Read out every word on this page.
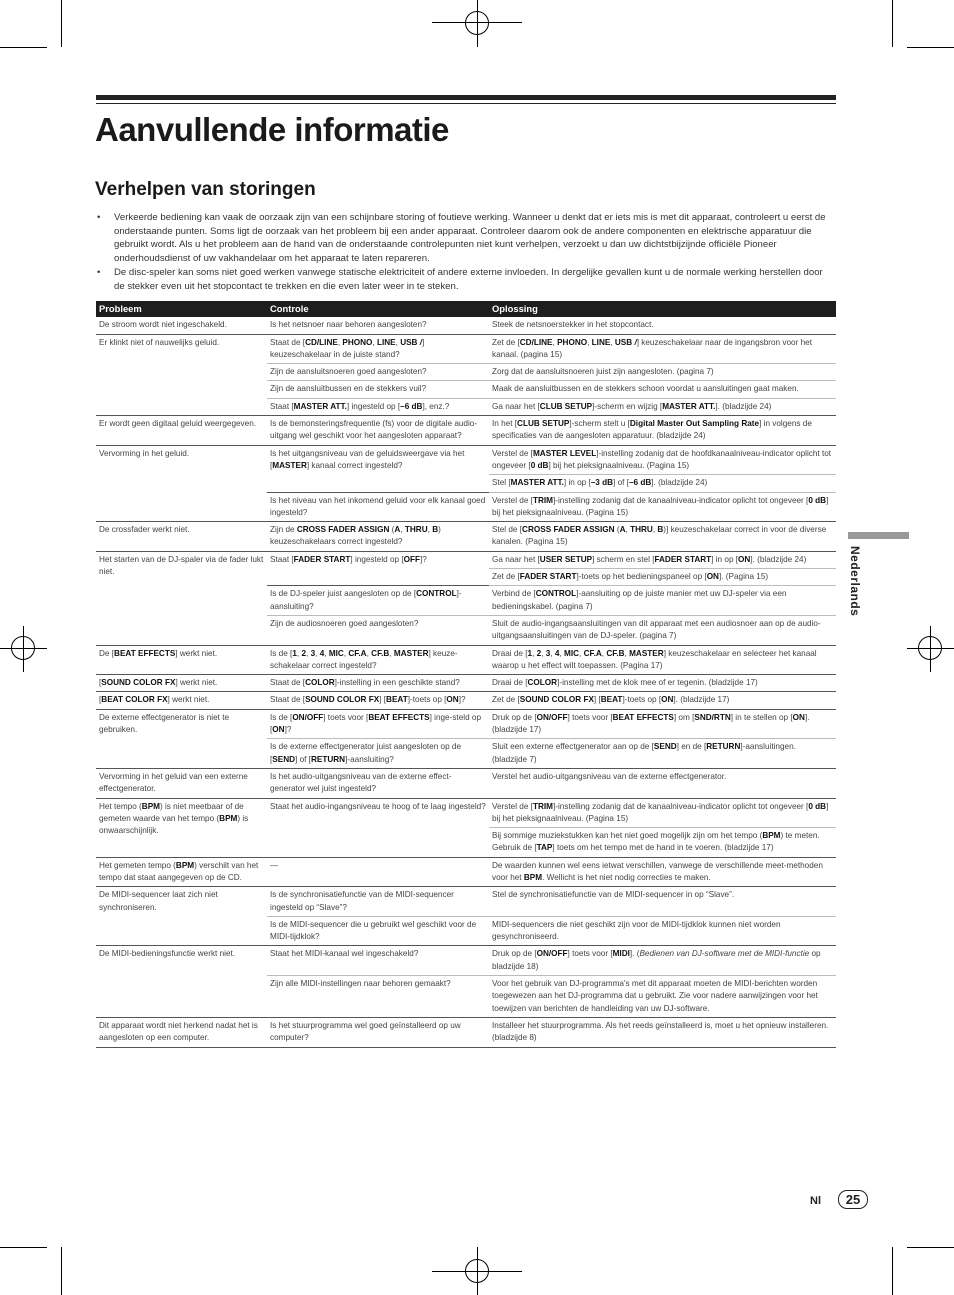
Aanvullende informatie
Verhelpen van storingen
• Verkeerde bediening kan vaak de oorzaak zijn van een schijnbare storing of foutieve werking. Wanneer u denkt dat er iets mis is met dit apparaat, controleert u eerst de onderstaande punten. Soms ligt de oorzaak van het probleem bij een ander apparaat. Controleer daarom ook de andere componenten en elektrische apparatuur die gebruikt wordt. Als u het probleem aan de hand van de onderstaande controlepunten niet kunt verhelpen, verzoekt u dan uw dichtstbijzijnde officiële Pioneer onderhoudsdienst of uw vakhandelaar om het apparaat te laten repareren.
• De disc-speler kan soms niet goed werken vanwege statische elektriciteit of andere externe invloeden. In dergelijke gevallen kunt u de normale werking herstellen door de stekker even uit het stopcontact te trekken en die even later weer in te steken.
Probleem	Controle	Oplossing
De stroom wordt niet ingeschakeld.	Is het netsnoer naar behoren aangesloten?	Steek de netsnoerstekker in het stopcontact.
Er klinkt niet of nauwelijks geluid.	Staat de [CD/LINE, PHONO, LINE, USB /] keuzeschakelaar in de juiste stand?	Zet de [CD/LINE, PHONO, LINE, USB /] keuzeschakelaar naar de ingangsbron voor het kanaal. (pagina 15)
	Zijn de aansluitsnoeren goed aangesloten?	Zorg dat de aansluitsnoeren juist zijn aangesloten. (pagina 7)
	Zijn de aansluitbussen en de stekkers vuil?	Maak de aansluitbussen en de stekkers schoon voordat u aansluitingen gaat maken.
	Staat [MASTER ATT.] ingesteld op [–6 dB], enz.?	Ga naar het [CLUB SETUP]-scherm en wijzig [MASTER ATT.]. (bladzijde 24)
Er wordt geen digitaal geluid weergegeven.	Is de bemonsteringsfrequentie (fs) voor de digitale audio-uitgang wel geschikt voor het aangesloten apparaat?	In het [CLUB SETUP]-scherm stelt u [Digital Master Out Sampling Rate] in volgens de specificaties van de aangesloten apparatuur. (bladzijde 24)
Vervorming in het geluid.	Is het uitgangsniveau van de geluidsweergave via het [MASTER] kanaal correct ingesteld?	Verstel de [MASTER LEVEL]-instelling zodanig dat de hoofdkanaalniveau-indicator oplicht tot ongeveer [0 dB] bij het pieksignaalniveau. (Pagina 15)
		Stel [MASTER ATT.] in op [–3 dB] of [–6 dB]. (bladzijde 24)
	Is het niveau van het inkomend geluid voor elk kanaal goed ingesteld?	Verstel de [TRIM]-instelling zodanig dat de kanaalniveau-indicator oplicht tot ongeveer [0 dB] bij het pieksignaalniveau. (Pagina 15)
De crossfader werkt niet.	Zijn de CROSS FADER ASSIGN (A, THRU, B) keuzeschakelaars correct ingesteld?	Stel de [CROSS FADER ASSIGN (A, THRU, B)] keuzeschakelaar correct in voor de diverse kanalen. (Pagina 15)
Het starten van de DJ-spaler via de fader lukt niet.	Staat [FADER START] ingesteld op [OFF]?	Ga naar het [USER SETUP] scherm en stel [FADER START] in op [ON]. (bladzijde 24)
		Zet de [FADER START]-toets op het bedieningspaneel op [ON]. (Pagina 15)
	Is de DJ-speler juist aangesloten op de [CONTROL]-aansluiting?	Verbind de [CONTROL]-aansluiting op de juiste manier met uw DJ-speler via een bedieningskabel. (pagina 7)
	Zijn de audiosnoeren goed aangesloten?	Sluit de audio-ingangsaansluitingen van dit apparaat met een audiosnoer aan op de audio-uitgangsaansluitingen van de DJ-speler. (pagina 7)
De [BEAT EFFECTS] werkt niet.	Is de [1, 2, 3, 4, MIC, CF.A, CF.B, MASTER] keuze-schakelaar correct ingesteld?	Draai de [1, 2, 3, 4, MIC, CF.A, CF.B, MASTER] keuzeschakelaar en selecteer het kanaal waarop u het effect wilt toepassen. (Pagina 17)
[SOUND COLOR FX] werkt niet.	Staat de [COLOR]-instelling in een geschikte stand?	Draai de [COLOR]-instelling met de klok mee of er tegenin. (bladzijde 17)
[BEAT COLOR FX] werkt niet.	Staat de [SOUND COLOR FX] [BEAT]-toets op [ON]?	Zet de [SOUND COLOR FX] [BEAT]-toets op [ON]. (bladzijde 17)
De externe effectgenerator is niet te gebruiken.	Is de [ON/OFF] toets voor [BEAT EFFECTS] inge-steld op [ON]?	Druk op de [ON/OFF] toets voor [BEAT EFFECTS] om [SND/RTN] in te stellen op [ON]. (bladzijde 17)
	Is de externe effectgenerator juist aangesloten op de [SEND] of [RETURN]-aansluiting?	Sluit een externe effectgenerator aan op de [SEND] en de [RETURN]-aansluitingen. (bladzijde 7)
Vervorming in het geluid van een externe effectgenerator.	Is het audio-uitgangsniveau van de externe effect-generator wel juist ingesteld?	Verstel het audio-uitgangsniveau van de externe effectgenerator.
Het tempo (BPM) is niet meetbaar of de gemeten waarde van het tempo (BPM) is onwaarschijnlijk.	Staat het audio-ingangsniveau te hoog of te laag ingesteld?	Verstel de [TRIM]-instelling zodanig dat de kanaalniveau-indicator oplicht tot ongeveer [0 dB] bij het pieksignaalniveau. (Pagina 15)
		Bij sommige muziekstukken kan het niet goed mogelijk zijn om het tempo (BPM) te meten. Gebruik de [TAP] toets om het tempo met de hand in te voeren. (bladzijde 17)
Het gemeten tempo (BPM) verschilt van het tempo dat staat aangegeven op de CD.	—	De waarden kunnen wel eens ietwat verschillen, vanwege de verschillende meet-methoden voor het BPM. Wellicht is het niet nodig correcties te maken.
De MIDI-sequencer laat zich niet synchroniseren.	Is de synchronisatiefunctie van de MIDI-sequencer ingesteld op “Slave”?	Stel de synchronisatiefunctie van de MIDI-sequencer in op “Slave”.
	Is de MIDI-sequencer die u gebruikt wel geschikt voor de MIDI-tijdklok?	MIDI-sequencers die niet geschikt zijn voor de MIDI-tijdklok kunnen niet worden gesynchroniseerd.
De MIDI-bedieningsfunctie werkt niet.	Staat het MIDI-kanaal wel ingeschakeld?	Druk op de [ON/OFF] toets voor [MIDI]. (Bedienen van DJ-software met de MIDI-functie op bladzijde 18)
	Zijn alle MIDI-instellingen naar behoren gemaakt?	Voor het gebruik van DJ-programma's met dit apparaat moeten de MIDI-berichten worden toegewezen aan het DJ-programma dat u gebruikt. Zie voor nadere aanwijzingen voor het toewijzen van berichten de handleiding van uw DJ-software.
Dit apparaat wordt niet herkend nadat het is aangesloten op een computer.	Is het stuurprogramma wel goed geïnstalleerd op uw computer?	Installeer het stuurprogramma. Als het reeds geïnstalleerd is, moet u het opnieuw installeren. (bladzijde 8)
Nederlands
Nl	25
